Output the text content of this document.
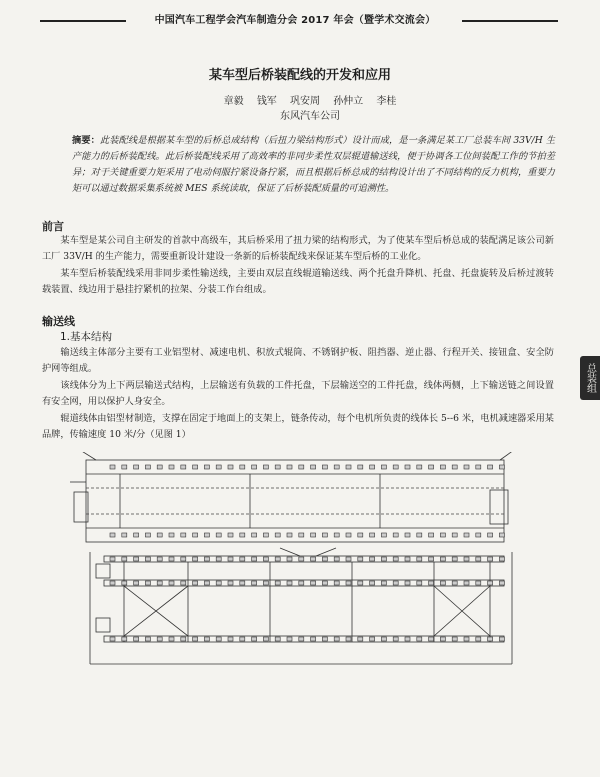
中国汽车工程学会汽车制造分会 2017 年会（暨学术交流会）
某车型后桥装配线的开发和应用
章毅 钱军 巩安周 孙仲立 李桂
东风汽车公司
摘要：此装配线是根据某车型的后桥总成结构（后扭力梁结构形式）设计而成，是一条满足某工厂总装车间 33V/H 生产能力的后桥装配线。此后桥装配线采用了高效率的非同步柔性双层辊道输送线，便于协调各工位间装配工作的节拍差异；对于关键重要力矩采用了电动伺服拧紧设备拧紧，而且根据后桥总成的结构设计出了不同结构的反力机构，重要力矩可以通过数据采集系统被 MES 系统读取，保证了后桥装配质量的可追溯性。
前言
某车型是某公司自主研发的首款中高级车，其后桥采用了扭力梁的结构形式，为了使某车型后桥总成的装配满足该公司新工厂 33V/H 的生产能力，需要重新设计建设一条新的后桥装配线来保证某车型后桥的工业化。
某车型后桥装配线采用非同步柔性输送线，主要由双层直线辊道输送线、两个托盘升降机、托盘、托盘旋转及后桥过渡转载装置、线边用于悬挂拧紧机的拉架、分装工作台组成。
输送线
1.基本结构
输送线主体部分主要有工业铝型材、减速电机、积放式辊筒、不锈钢护板、阻挡器、逆止器、行程开关、接钮盒、安全防护网等组成。
该线体分为上下两层输送式结构，上层输送有负载的工件托盘，下层输送空的工件托盘，线体两侧，上下输送链之间设置有安全网，用以保护人身安全。
辊道线体由铝型材制造，支撑在固定于地面上的支架上，链条传动，每个电机所负责的线体长 5--6 米，电机减速器采用某品牌，传输速度 10 米/分（见图 1）
总装组
